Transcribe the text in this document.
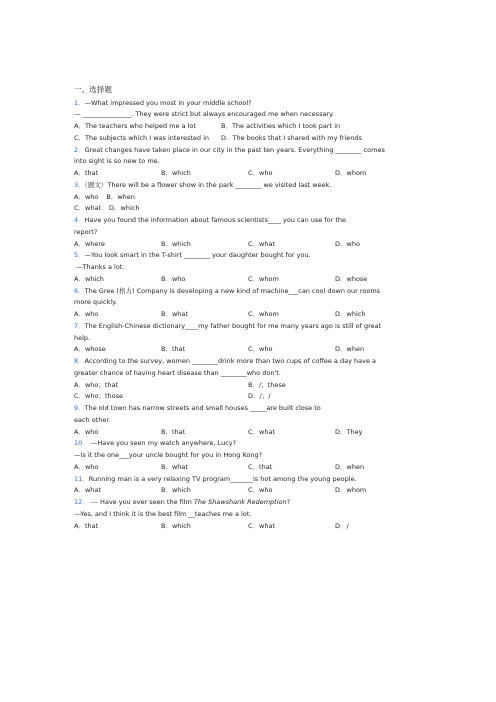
一、选择题
1．—What impressed you most in your middle school?
— _______________. They were strict but always encouraged me when necessary.
A．The teachers who helped me a lot	B．The activities which I took part in
C．The subjects which I was interested in	D．The books that I shared with my friends
2．Great changes have taken place in our city in the past ten years. Everything ________ comes
into sight is so new to me.
A．that	B．which	C．who	D．whom
3．（题文）There will be a flower show in the park ________ we visited last week.
A．who B．when
C．what D．which
4．Have you found the information about famous scientists____ you can use for the
report?
A．where	B．which	C．what	D．who
5．—You look smart in the T-shirt ________ your daughter bought for you.
—Thanks a lot.
A．which	B．who	C．whom	D．whose
6．The Gree (格力) Company is developing a new kind of machine___can cool down our rooms
more quickly.
A．who	B．what	C．whom	D．which
7．The English-Chinese dictionary____my father bought for me many years ago is still of great
help.
A．whose	B．that	C．who	D．when
8．According to the survey, women ________drink more than two cups of coffee a day have a
greater chance of having heart disease than ________who don't.
A．who；that	B．/；these
C．who；those	D．/；/
9．The old town has narrow streets and small houses _____are built close to
each other.
A．who	B．that	C．what	D．They
10． —Have you seen my watch anywhere, Lucy?
—Is it the one___your uncle bought for you in Hong Kong?
A．who	B．what	C．that	D．when
11．Running man is a very relaxing TV program_______is hot among the young people.
A．what	B．which	C．who	D．whom
12． --- Have you ever seen the film The Shawshank Redemption?
---Yes, and I think it is the best film __teaches me a lot.
A．that	B．which	C．what	D．/
